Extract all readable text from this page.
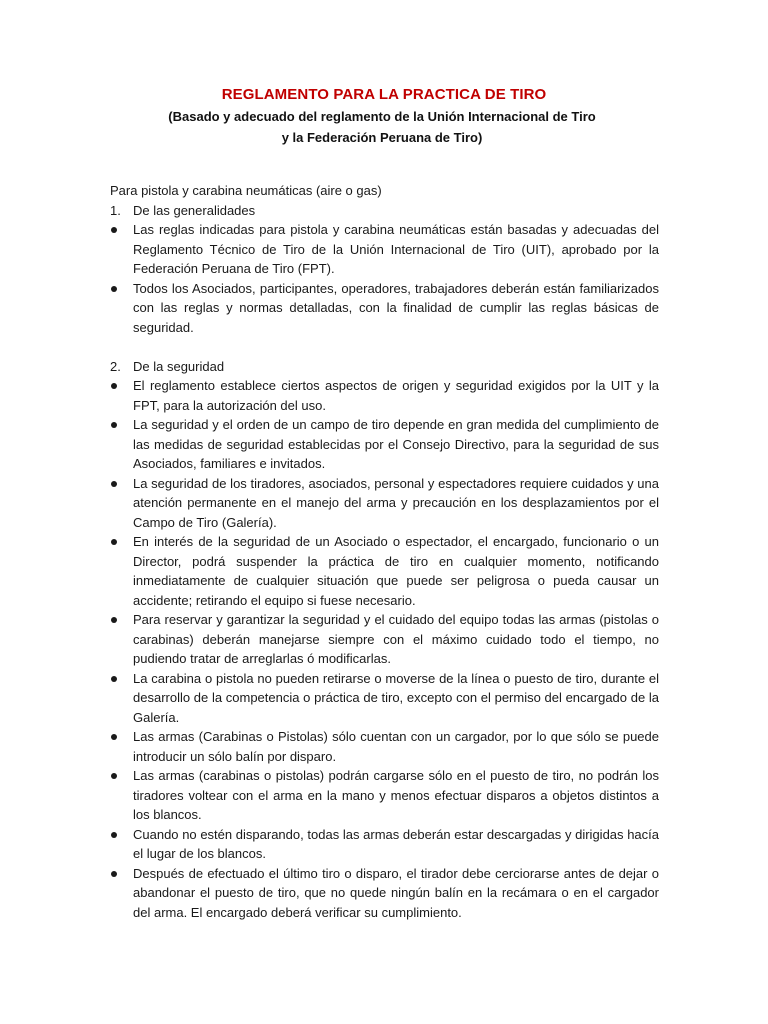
REGLAMENTO PARA LA PRACTICA DE TIRO
(Basado y adecuado del reglamento de la Unión Internacional de Tiro
y la Federación Peruana de Tiro)

Para pistola y carabina neumáticas (aire o gas)

1. De las generalidades
Las reglas indicadas para pistola y carabina neumáticas están basadas y adecuadas del Reglamento Técnico de Tiro de la Unión Internacional de Tiro (UIT), aprobado por la Federación Peruana de Tiro (FPT).
Todos los Asociados, participantes, operadores, trabajadores deberán están familiarizados con las reglas y normas detalladas, con la finalidad de cumplir las reglas básicas de seguridad.
2. De la seguridad
El reglamento establece ciertos aspectos de origen y seguridad exigidos por la UIT y la FPT, para la autorización del uso.
La seguridad y el orden de un campo de tiro depende en gran medida del cumplimiento de las medidas de seguridad establecidas por el Consejo Directivo, para la seguridad de sus Asociados, familiares e invitados.
La seguridad de los tiradores, asociados, personal y espectadores requiere cuidados y una atención permanente en el manejo del arma y precaución en los desplazamientos por el Campo de Tiro (Galería).
En interés de la seguridad de un Asociado o espectador, el encargado, funcionario o un Director, podrá suspender la práctica de tiro en cualquier momento, notificando inmediatamente de cualquier situación que puede ser peligrosa o pueda causar un accidente; retirando el equipo si fuese necesario.
Para reservar y garantizar la seguridad y el cuidado del equipo todas las armas (pistolas o carabinas) deberán manejarse siempre con el máximo cuidado todo el tiempo, no pudiendo tratar de arreglarlas ó modificarlas.
La carabina o pistola no pueden retirarse o moverse de la línea o puesto de tiro, durante el desarrollo de la competencia o práctica de tiro, excepto con el permiso del encargado de la Galería.
Las armas (Carabinas o Pistolas) sólo cuentan con un cargador, por lo que sólo se puede introducir un sólo balín por disparo.
Las armas (carabinas o pistolas) podrán cargarse sólo en el puesto de tiro, no podrán los tiradores voltear con el arma en la mano y menos efectuar disparos a objetos distintos a los blancos.
Cuando no estén disparando, todas las armas deberán estar descargadas y dirigidas hacía el lugar de los blancos.
Después de efectuado el último tiro o disparo, el tirador debe cerciorarse antes de dejar o abandonar el puesto de tiro, que no quede ningún balín en la recámara o en el cargador del arma. El encargado deberá verificar su cumplimiento.
